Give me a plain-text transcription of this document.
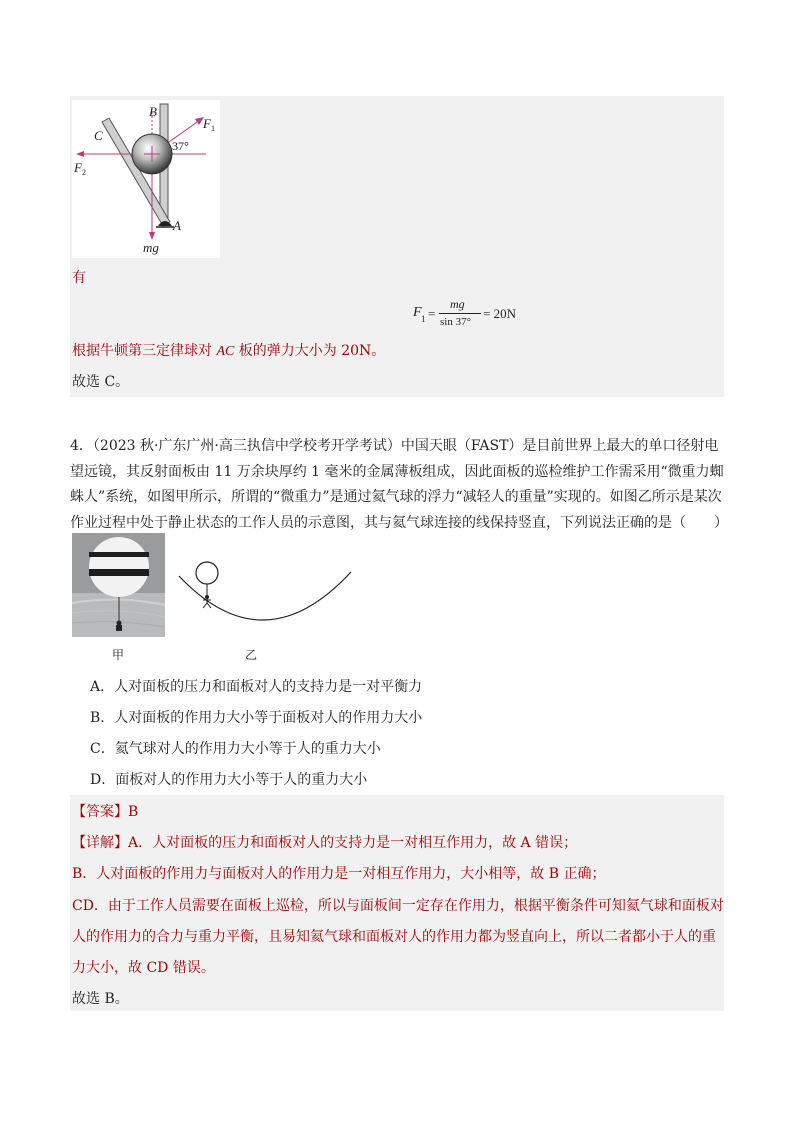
B
C
F 1
F 2
37°
A
mg
有
F 1 =
mg
sin 37°
= 20N
根据牛顿第三定律球对 AC 板的弹力大小为 20N。
故选 C。
4．（2023 秋·广东广州·高三执信中学校考开学考试）中国天眼（FAST）是目前世界上最大的单口径射电望远镜，其反射面板由 11 万余块厚约 1 毫米的金属薄板组成，因此面板的巡检维护工作需采用“微重力蜘蛛人”系统，如图甲所示，所谓的“微重力”是通过氦气球的浮力“减轻人的重量”实现的。如图乙所示是某次作业过程中处于静止状态的工作人员的示意图，其与氦气球连接的线保持竖直，下列说法正确的是（　　）
甲	乙
A．人对面板的压力和面板对人的支持力是一对平衡力
B．人对面板的作用力大小等于面板对人的作用力大小
C．氦气球对人的作用力大小等于人的重力大小
D．面板对人的作用力大小等于人的重力大小
【答案】B
【详解】A．人对面板的压力和面板对人的支持力是一对相互作用力，故 A 错误；
B．人对面板的作用力与面板对人的作用力是一对相互作用力，大小相等，故 B 正确；
CD．由于工作人员需要在面板上巡检，所以与面板间一定存在作用力，根据平衡条件可知氦气球和面板对
人的作用力的合力与重力平衡，且易知氦气球和面板对人的作用力都为竖直向上，所以二者都小于人的重
力大小，故 CD 错误。
故选 B。
